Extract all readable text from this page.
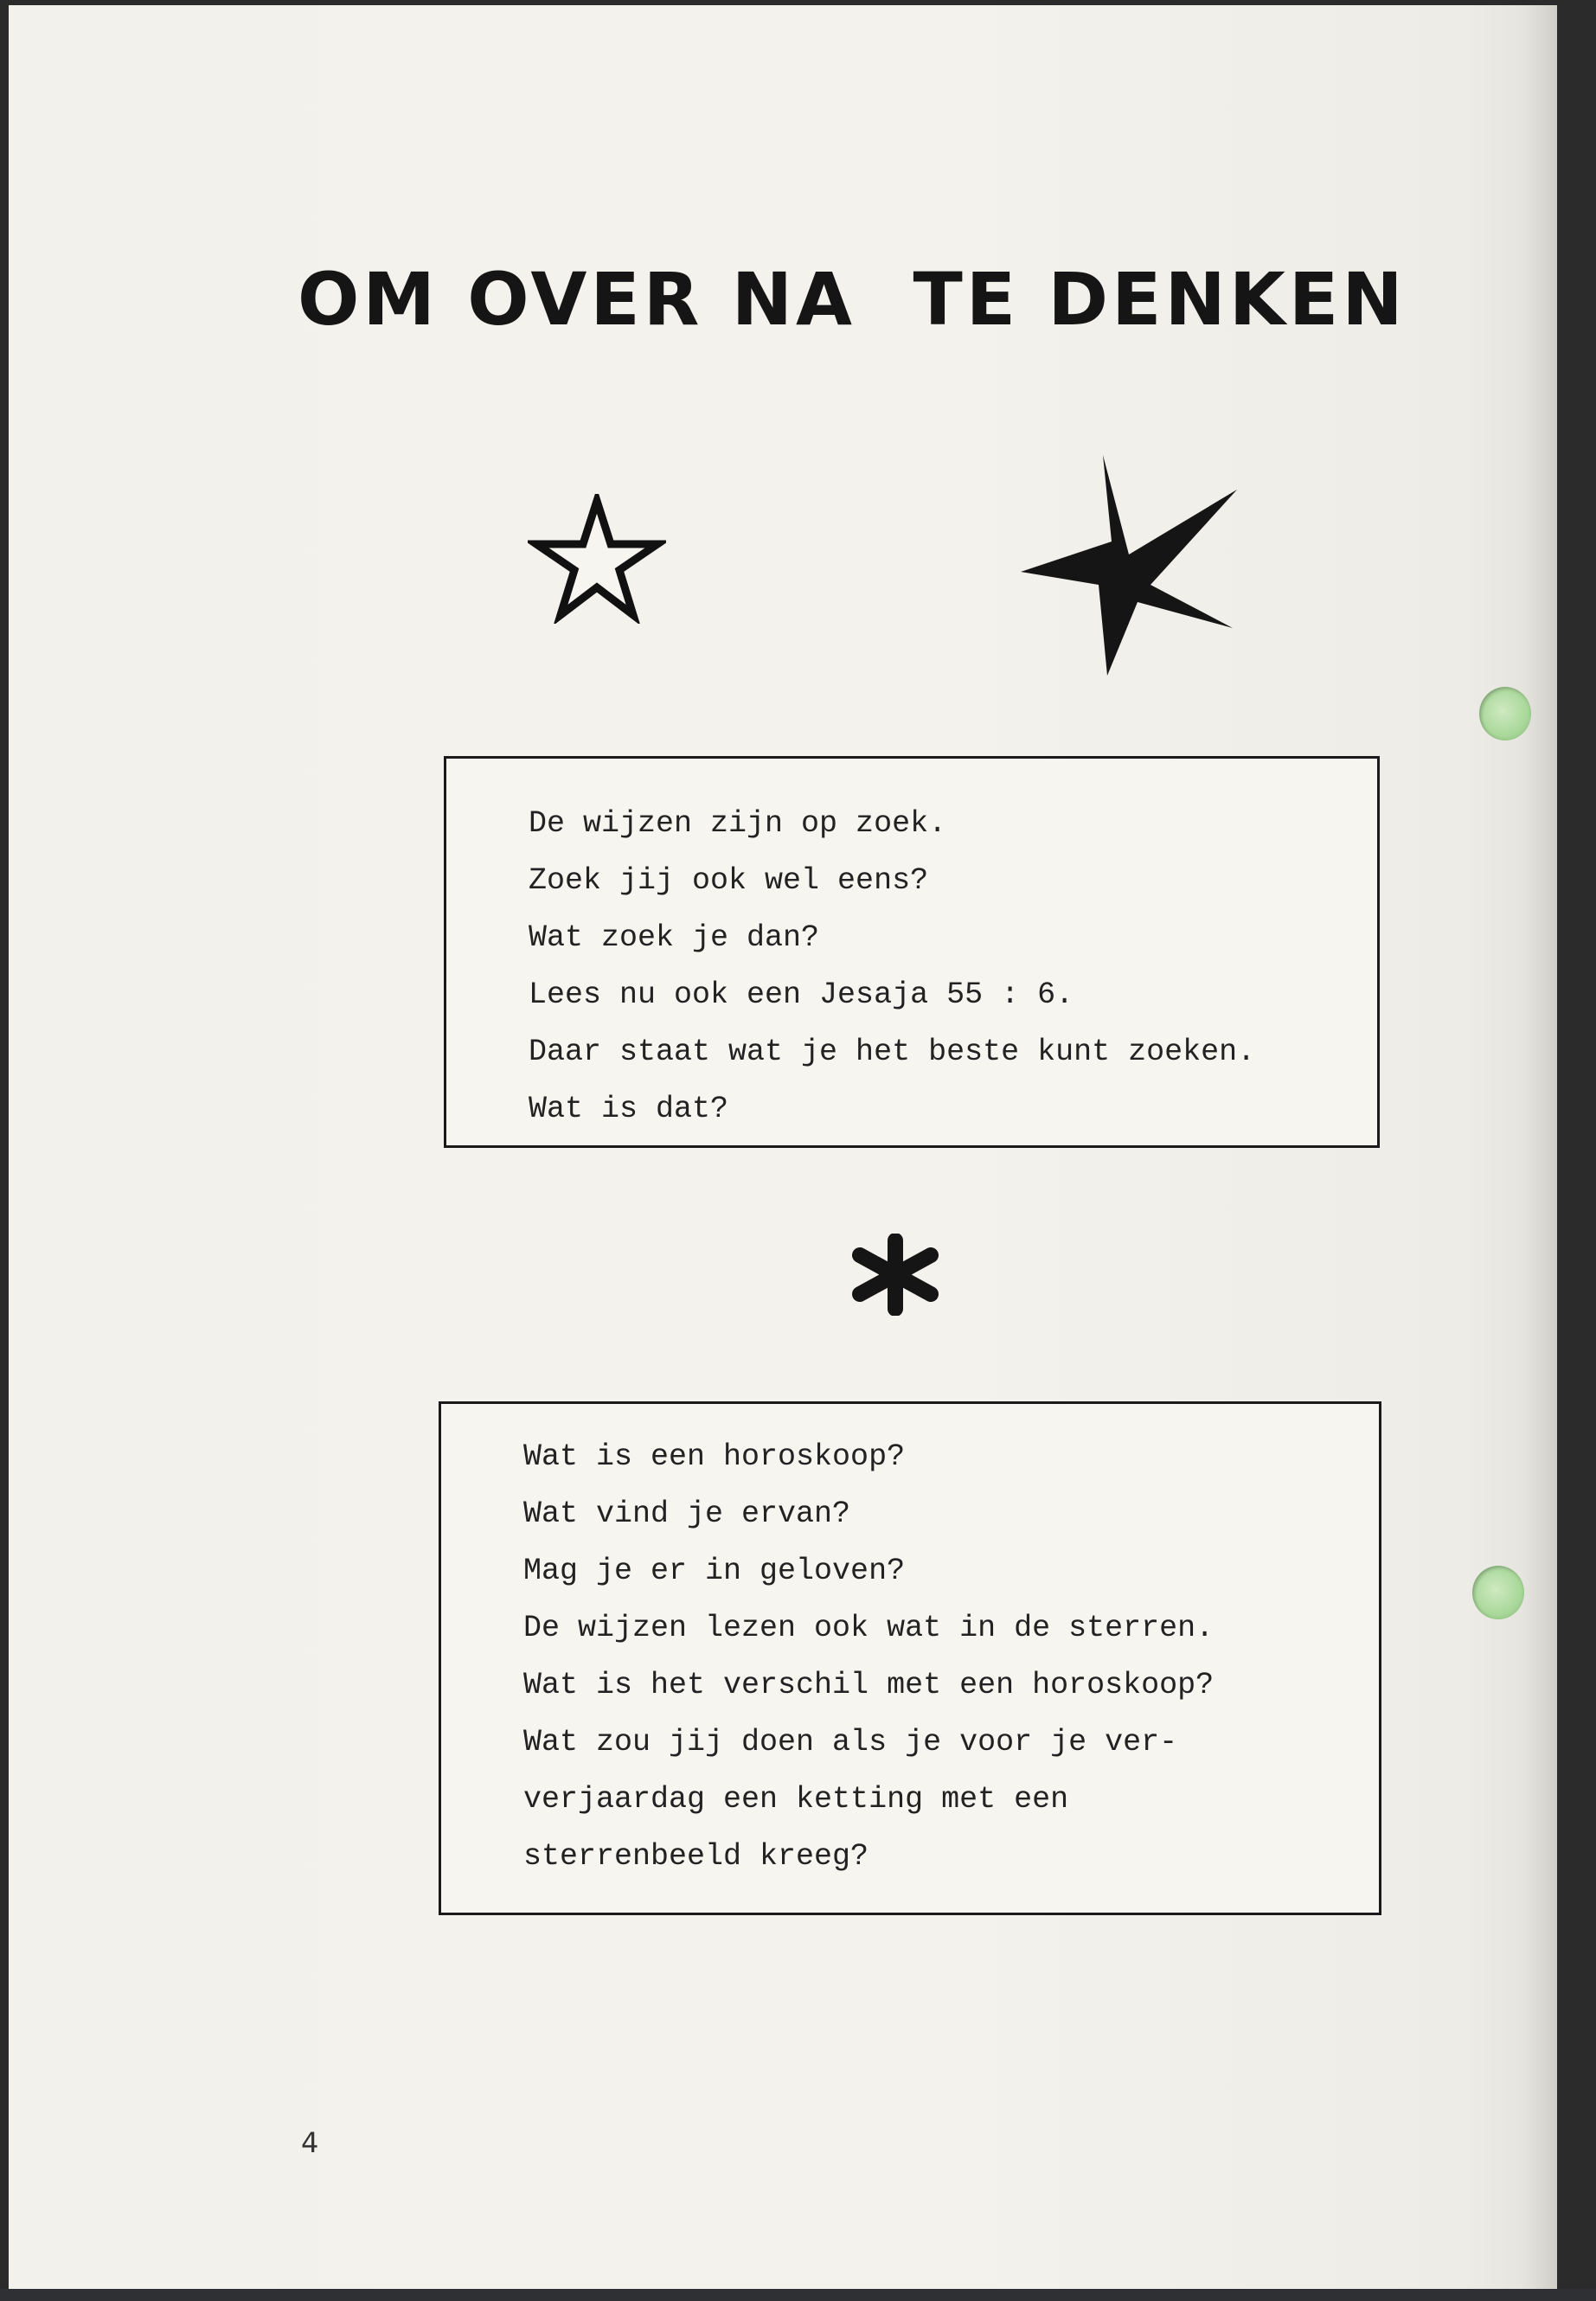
OM OVER NA  TE DENKEN

De wijzen zijn op zoek.

Zoek jij ook wel eens?

Wat zoek je dan?

Lees nu ook een Jesaja 55 : 6.

Daar staat wat je het beste kunt zoeken.

Wat is dat?

Wat is een horoskoop?

Wat vind je ervan?

Mag je er in geloven?

De wijzen lezen ook wat in de sterren.

Wat is het verschil met een horoskoop?

Wat zou jij doen als je voor je ver-

verjaardag een ketting met een

sterrenbeeld kreeg?

4
